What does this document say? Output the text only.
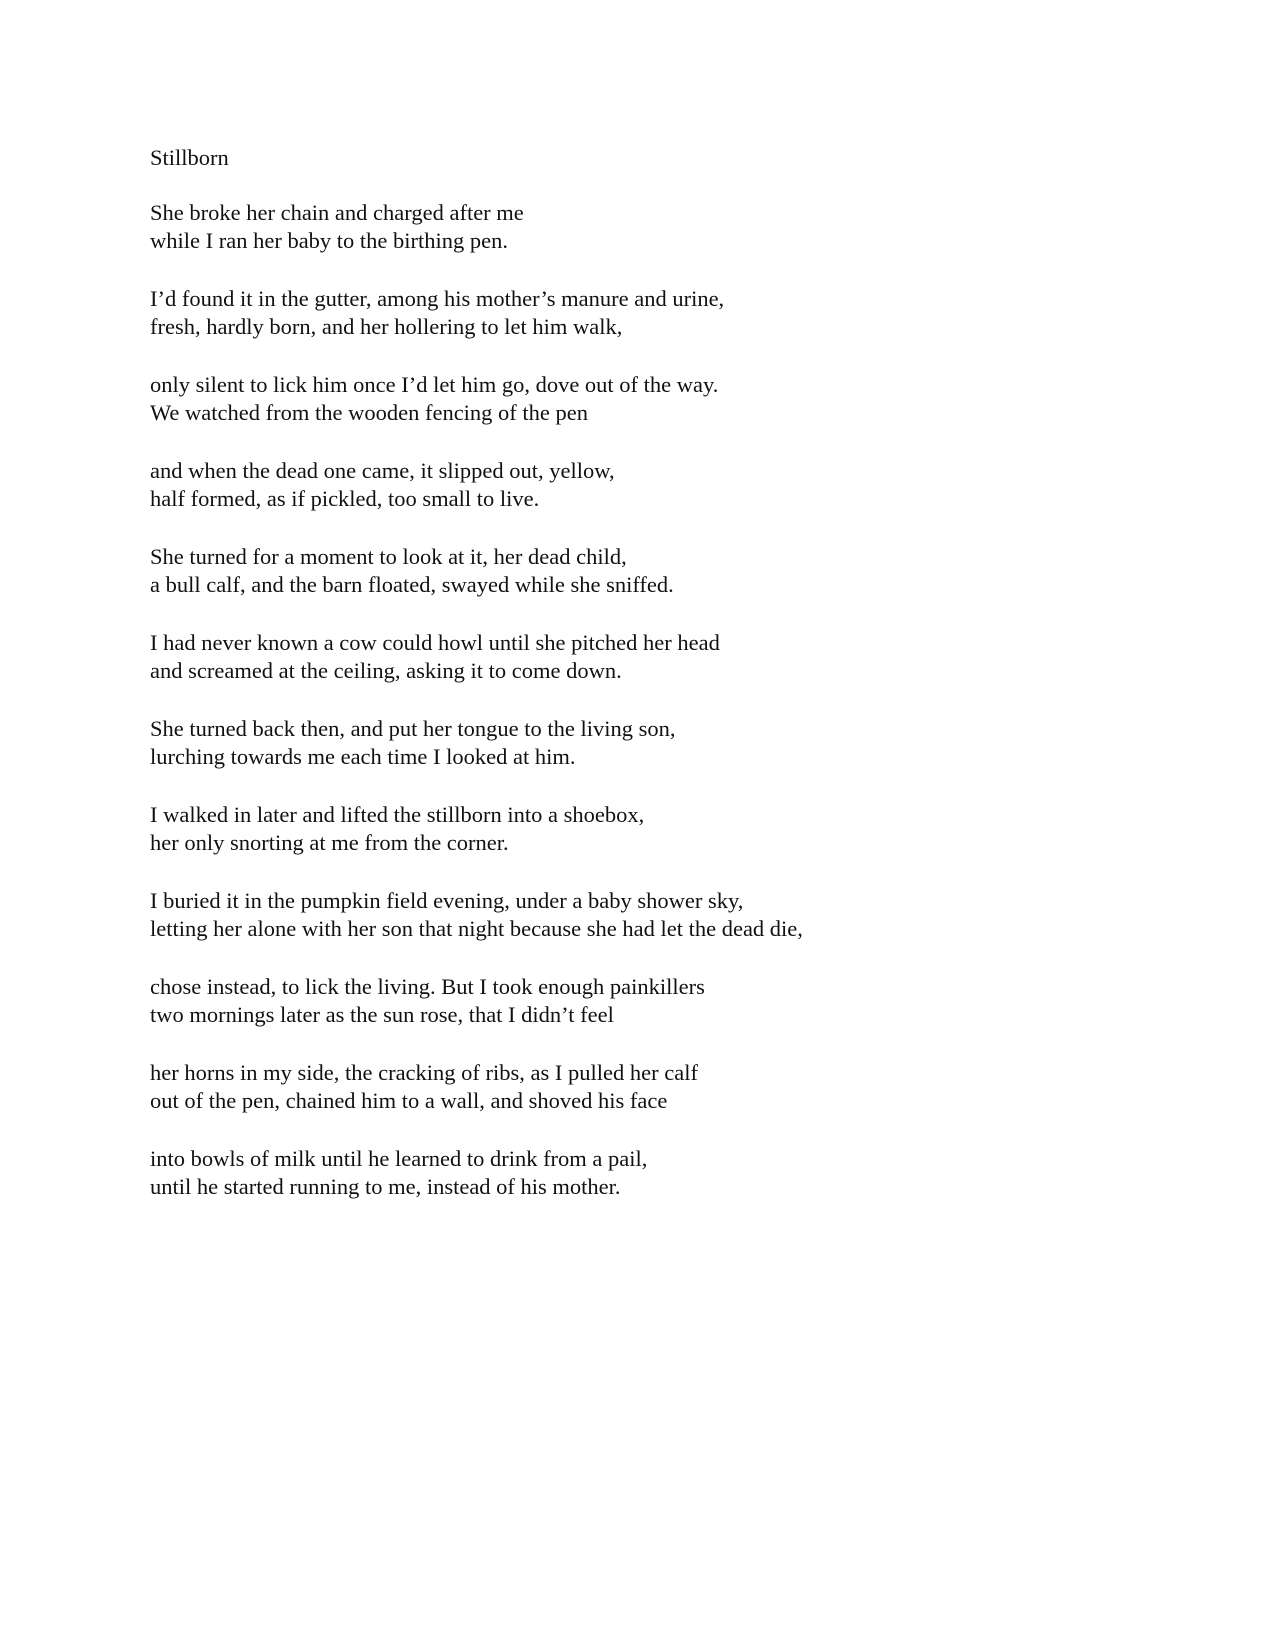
Stillborn
She broke her chain and charged after me
while I ran her baby to the birthing pen.
I’d found it in the gutter, among his mother’s manure and urine,
fresh, hardly born, and her hollering to let him walk,
only silent to lick him once I’d let him go, dove out of the way.
We watched from the wooden fencing of the pen
and when the dead one came, it slipped out, yellow,
half formed, as if pickled, too small to live.
She turned for a moment to look at it, her dead child,
a bull calf, and the barn floated, swayed while she sniffed.
I had never known a cow could howl until she pitched her head
and screamed at the ceiling, asking it to come down.
She turned back then, and put her tongue to the living son,
lurching towards me each time I looked at him.
I walked in later and lifted the stillborn into a shoebox,
her only snorting at me from the corner.
I buried it in the pumpkin field evening, under a baby shower sky,
letting her alone with her son that night because she had let the dead die,
chose instead, to lick the living. But I took enough painkillers
two mornings later as the sun rose, that I didn’t feel
her horns in my side, the cracking of ribs, as I pulled her calf
out of the pen, chained him to a wall, and shoved his face
into bowls of milk until he learned to drink from a pail,
until he started running to me, instead of his mother.
